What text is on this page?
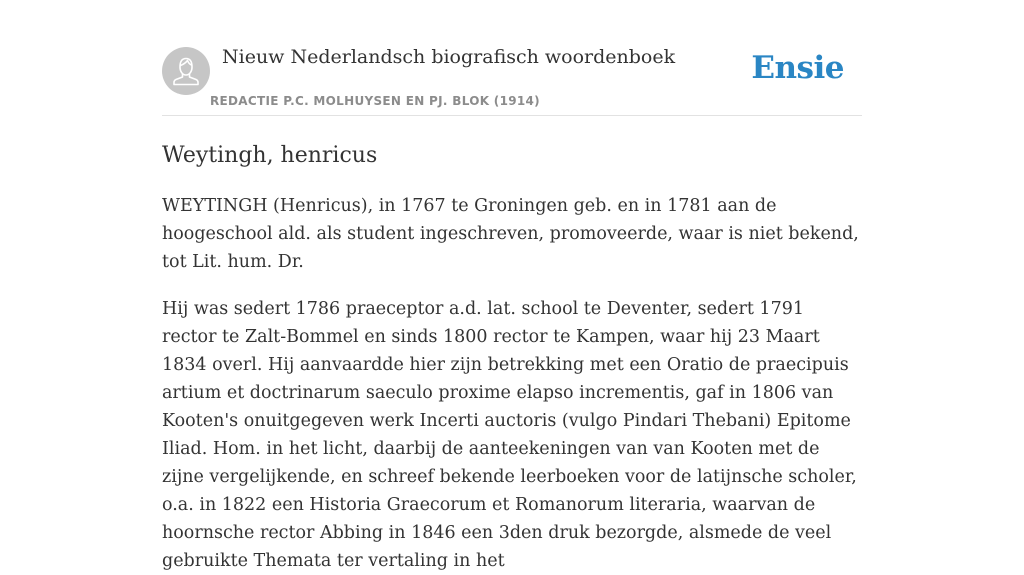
Nieuw Nederlandsch biografisch woordenboek
REDACTIE P.C. MOLHUYSEN EN PJ. BLOK (1914)
Ensie
Weytingh, henricus

WEYTINGH (Henricus), in 1767 te Groningen geb. en in 1781 aan de hoogeschool ald. als student ingeschreven, promoveerde, waar is niet bekend, tot Lit. hum. Dr.

Hij was sedert 1786 praeceptor a.d. lat. school te Deventer, sedert 1791 rector te Zalt-Bommel en sinds 1800 rector te Kampen, waar hij 23 Maart 1834 overl. Hij aanvaardde hier zijn betrekking met een Oratio de praecipuis artium et doctrinarum saeculo proxime elapso incrementis, gaf in 1806 van Kooten's onuitgegeven werk Incerti auctoris (vulgo Pindari Thebani) Epitome Iliad. Hom. in het licht, daarbij de aanteekeningen van van Kooten met de zijne vergelijkende, en schreef bekende leerboeken voor de latijnsche scholer, o.a. in 1822 een Historia Graecorum et Romanorum literaria, waarvan de hoornsche rector Abbing in 1846 een 3den druk bezorgde, alsmede de veel gebruikte Themata ter vertaling in het
